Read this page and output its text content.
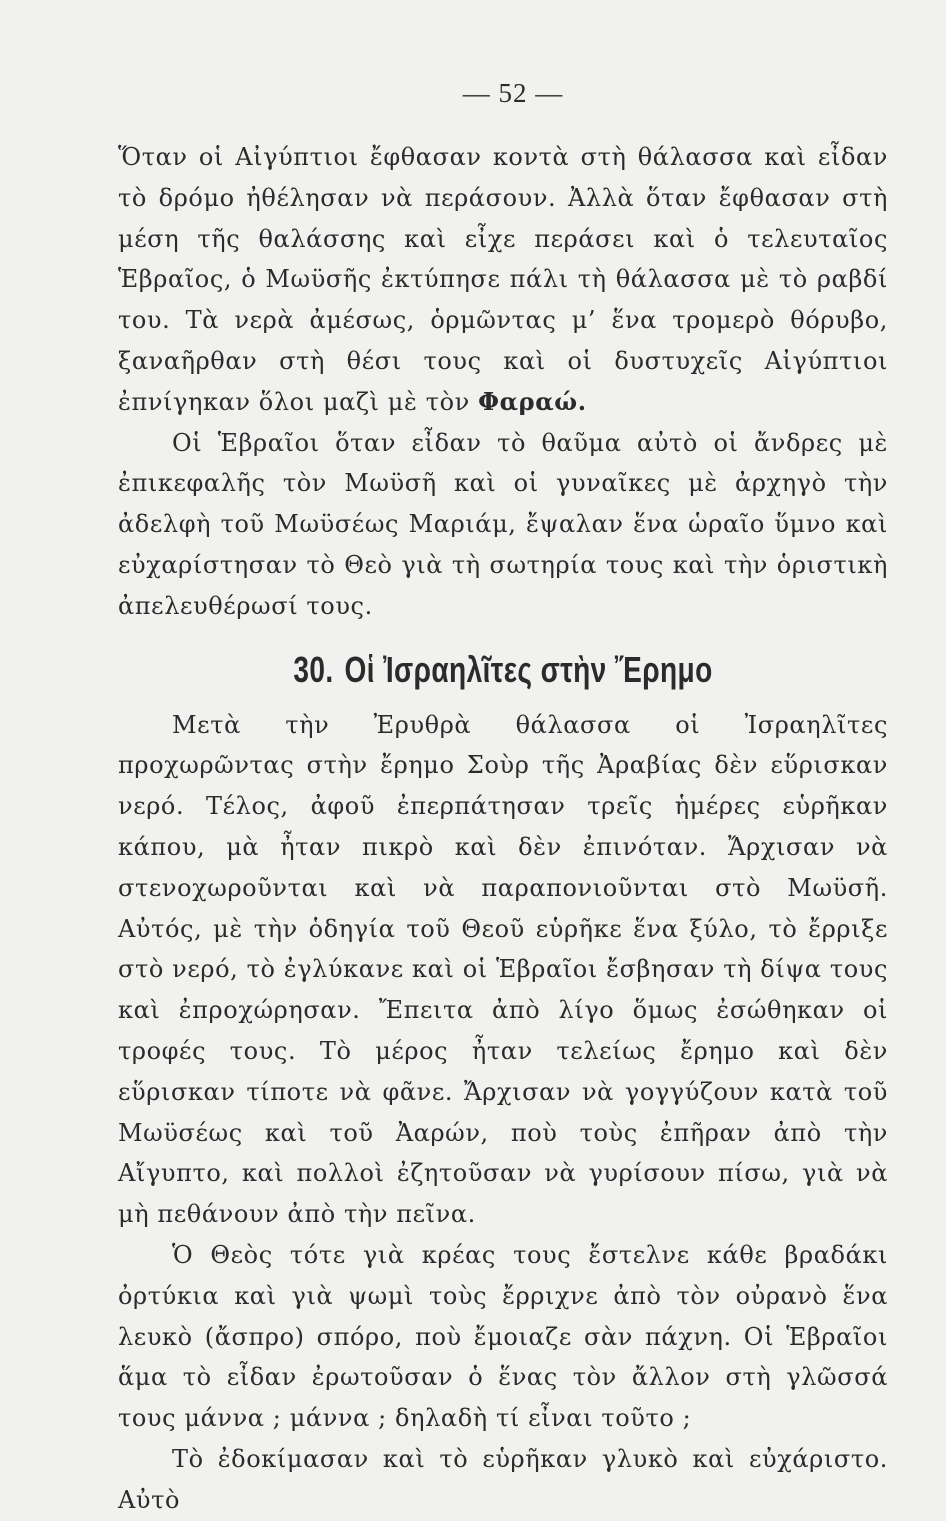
— 52 —

Ὅταν οἱ Αἰγύπτιοι ἔφθασαν κοντὰ στὴ θάλασσα καὶ εἶδαν τὸ δρόμο ἠθέλησαν νὰ περάσουν. Ἀλλὰ ὅταν ἔφθασαν στὴ μέση τῆς θαλάσσης καὶ εἶχε περάσει καὶ ὁ τελευταῖος Ἑβραῖος, ὁ Μωϋσῆς ἐκτύπησε πάλι τὴ θάλασσα μὲ τὸ ραβδί του. Τὰ νερὰ ἀμέσως, ὁρμῶντας μ’ ἕνα τρομερὸ θόρυβο, ξαναῆρθαν στὴ θέσι τους καὶ οἱ δυστυχεῖς Αἰγύπτιοι ἐπνίγηκαν ὅλοι μαζὶ μὲ τὸν Φαραώ.

Οἱ Ἑβραῖοι ὅταν εἶδαν τὸ θαῦμα αὐτὸ οἱ ἄνδρες μὲ ἐπικεφαλῆς τὸν Μωϋσῆ καὶ οἱ γυναῖκες μὲ ἀρχηγὸ τὴν ἀδελφὴ τοῦ Μωϋσέως Μαριάμ, ἔψαλαν ἕνα ὡραῖο ὕμνο καὶ εὐχαρίστησαν τὸ Θεὸ γιὰ τὴ σωτηρία τους καὶ τὴν ὁριστικὴ ἀπελευθέρωσί τους.

30. Οἱ Ἰσραηλῖτες στὴν Ἔρημο

Μετὰ τὴν Ἐρυθρὰ θάλασσα οἱ Ἰσραηλῖτες προχωρῶντας στὴν ἔρημο Σοὺρ τῆς Ἀραβίας δὲν εὕρισκαν νερό. Τέλος, ἀφοῦ ἐπερπάτησαν τρεῖς ἡμέρες εὑρῆκαν κάπου, μὰ ἦταν πικρὸ καὶ δὲν ἐπινόταν. Ἄρχισαν νὰ στενοχωροῦνται καὶ νὰ παραπονιοῦνται στὸ Μωϋσῆ. Αὐτός, μὲ τὴν ὁδηγία τοῦ Θεοῦ εὑρῆκε ἕνα ξύλο, τὸ ἔρριξε στὸ νερό, τὸ ἐγλύκανε καὶ οἱ Ἑβραῖοι ἔσβησαν τὴ δίψα τους καὶ ἐπροχώρησαν. Ἔπειτα ἀπὸ λίγο ὅμως ἐσώθηκαν οἱ τροφές τους. Τὸ μέρος ἦταν τελείως ἔρημο καὶ δὲν εὕρισκαν τίποτε νὰ φᾶνε. Ἄρχισαν νὰ γογγύζουν κατὰ τοῦ Μωϋσέως καὶ τοῦ Ἀαρών, ποὺ τοὺς ἐπῆραν ἀπὸ τὴν Αἴγυπτο, καὶ πολλοὶ ἐζητοῦσαν νὰ γυρίσουν πίσω, γιὰ νὰ μὴ πεθάνουν ἀπὸ τὴν πεῖνα.

Ὁ Θεὸς τότε γιὰ κρέας τους ἔστελνε κάθε βραδάκι ὀρτύκια καὶ γιὰ ψωμὶ τοὺς ἔρριχνε ἀπὸ τὸν οὐρανὸ ἕνα λευκὸ (ἄσπρο) σπόρο, ποὺ ἔμοιαζε σὰν πάχνη. Οἱ Ἑβραῖοι ἅμα τὸ εἶδαν ἐρωτοῦσαν ὁ ἕνας τὸν ἄλλον στὴ γλῶσσά τους μάννα ; μάννα ; δηλαδὴ τί εἶναι τοῦτο ;

Τὸ ἐδοκίμασαν καὶ τὸ εὑρῆκαν γλυκὸ καὶ εὐχάριστο. Αὐτὸ
